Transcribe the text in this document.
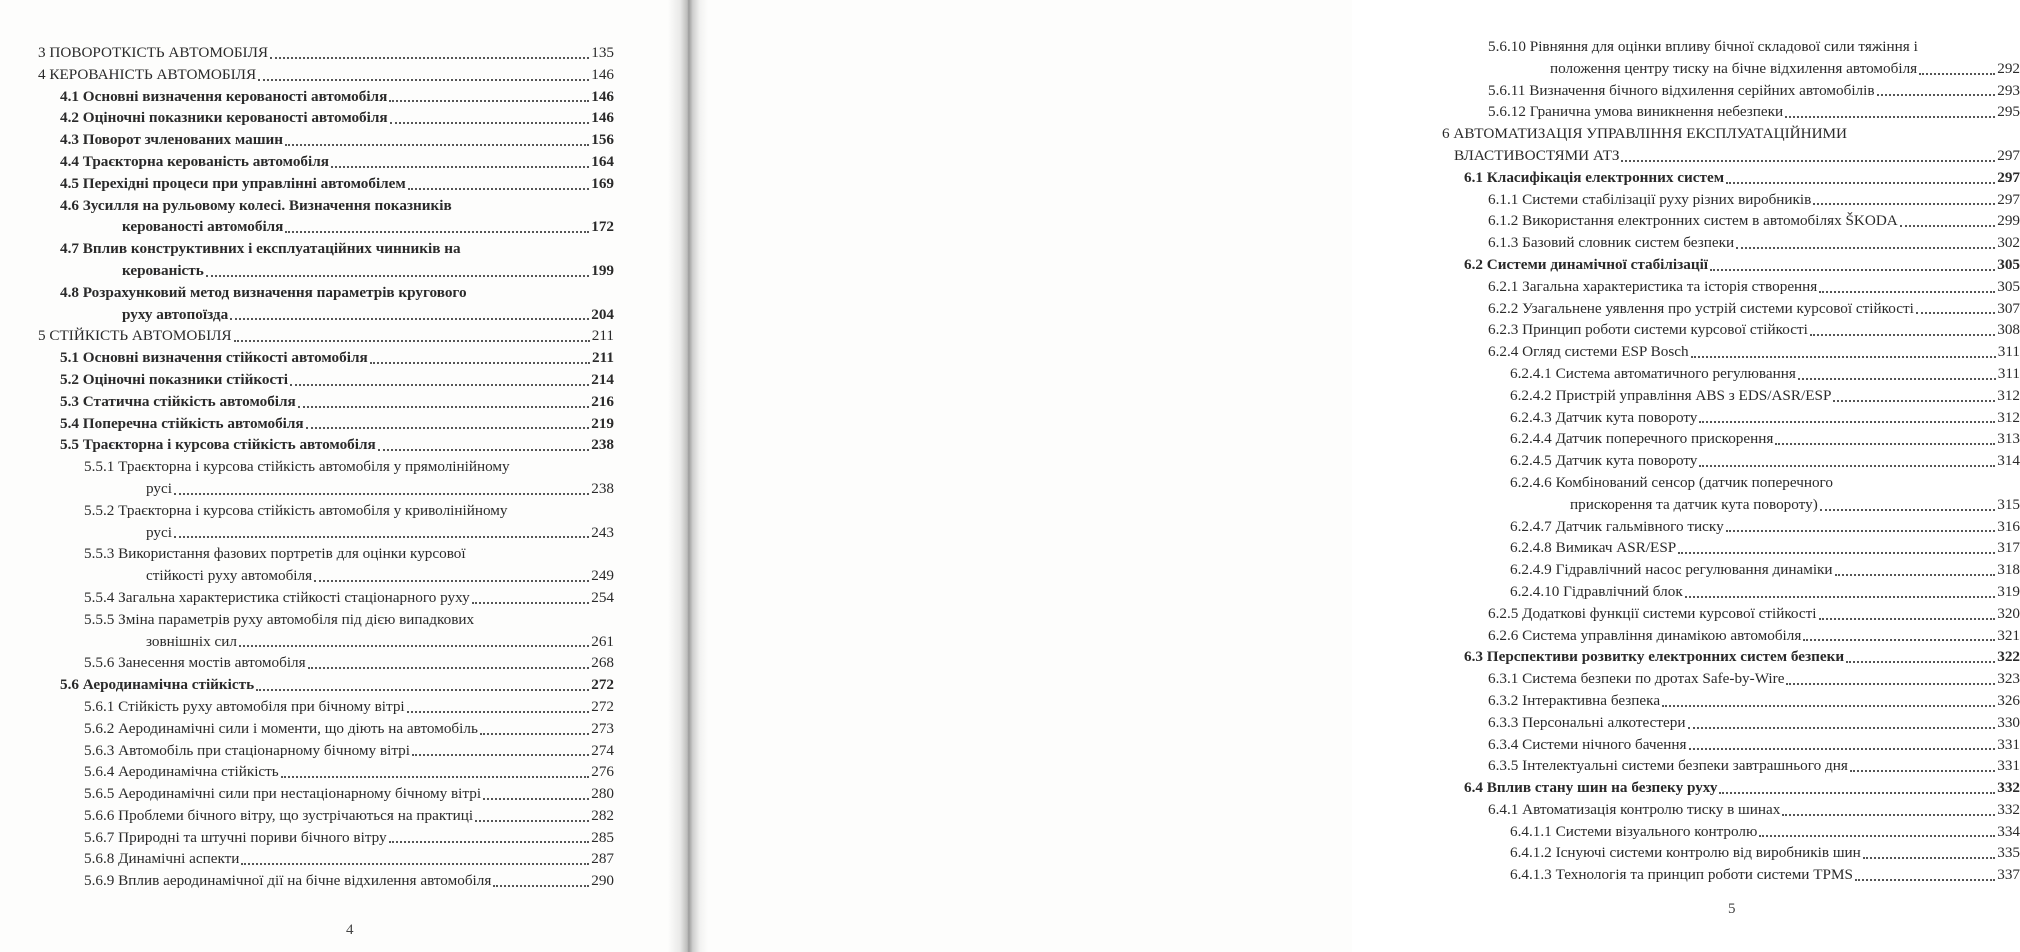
3 ПОВОРОТКІСТЬ АВТОМОБІЛЯ	135
4 КЕРОВАНІСТЬ АВТОМОБІЛЯ	146
4.1 Основні визначення керованості автомобіля	146
4.2 Оціночні показники керованості автомобіля	146
4.3 Поворот зчленованих машин	156
4.4 Траєкторна керованість автомобіля	164
4.5 Перехідні процеси при управлінні автомобілем	169
4.6 Зусилля на рульовому колесі. Визначення показників
керованості автомобіля	172
4.7 Вплив конструктивних і експлуатаційних чинників на
керованість	199
4.8 Розрахунковий метод визначення параметрів кругового
руху автопоїзда	204
5 СТІЙКІСТЬ АВТОМОБІЛЯ	211
5.1 Основні визначення стійкості автомобіля	211
5.2 Оціночні показники стійкості	214
5.3 Статична стійкість автомобіля	216
5.4 Поперечна стійкість автомобіля	219
5.5 Траєкторна і курсова стійкість автомобіля	238
5.5.1 Траєкторна і курсова стійкість автомобіля у прямолінійному
русі	238
5.5.2 Траєкторна і курсова стійкість автомобіля у криволінійному
русі	243
5.5.3 Використання фазових портретів для оцінки курсової
стійкості руху автомобіля	249
5.5.4 Загальна характеристика стійкості стаціонарного руху	254
5.5.5 Зміна параметрів руху автомобіля під дією випадкових
зовнішніх сил	261
5.5.6 Занесення мостів автомобіля	268
5.6 Аеродинамічна стійкість	272
5.6.1 Стійкість руху автомобіля при бічному вітрі	272
5.6.2 Аеродинамічні сили і моменти, що діють на автомобіль	273
5.6.3 Автомобіль при стаціонарному бічному вітрі	274
5.6.4 Аеродинамічна стійкість	276
5.6.5 Аеродинамічні сили при нестаціонарному бічному вітрі	280
5.6.6 Проблеми бічного вітру, що зустрічаються на практиці	282
5.6.7 Природні та штучні пориви бічного вітру	285
5.6.8 Динамічні аспекти	287
5.6.9 Вплив аеродинамічної дії на бічне відхилення автомобіля	290
4
5.6.10 Рівняння для оцінки впливу бічної складової сили тяжіння і
положення центру тиску на бічне відхилення автомобіля	292
5.6.11 Визначення бічного відхилення серійних автомобілів	293
5.6.12 Гранична умова виникнення небезпеки	295
6 АВТОМАТИЗАЦІЯ УПРАВЛІННЯ ЕКСПЛУАТАЦІЙНИМИ
ВЛАСТИВОСТЯМИ АТЗ	297
6.1 Класифікація електронних систем	297
6.1.1 Системи стабілізації руху різних виробників	297
6.1.2 Використання електронних систем в автомобілях ŠKODA	299
6.1.3 Базовий словник систем безпеки	302
6.2 Системи динамічної стабілізації	305
6.2.1 Загальна характеристика та історія створення	305
6.2.2 Узагальнене уявлення про устрій системи курсової стійкості	307
6.2.3 Принцип роботи системи курсової стійкості	308
6.2.4 Огляд системи ESP Bosch	311
6.2.4.1 Система автоматичного регулювання	311
6.2.4.2 Пристрій управління ABS з EDS/ASR/ESP	312
6.2.4.3 Датчик кута повороту	312
6.2.4.4 Датчик поперечного прискорення	313
6.2.4.5 Датчик кута повороту	314
6.2.4.6 Комбінований сенсор (датчик поперечного
прискорення та датчик кута повороту)	315
6.2.4.7 Датчик гальмівного тиску	316
6.2.4.8 Вимикач ASR/ESP	317
6.2.4.9 Гідравлічний насос регулювання динаміки	318
6.2.4.10 Гідравлічний блок	319
6.2.5 Додаткові функції системи курсової стійкості	320
6.2.6 Система управління динамікою автомобіля	321
6.3 Перспективи розвитку електронних систем безпеки	322
6.3.1 Система безпеки по дротах Safe-by-Wire	323
6.3.2 Інтерактивна безпека	326
6.3.3 Персональні алкотестери	330
6.3.4 Системи нічного бачення	331
6.3.5 Інтелектуальні системи безпеки завтрашнього дня	331
6.4 Вплив стану шин на безпеку руху	332
6.4.1 Автоматизація контролю тиску в шинах	332
6.4.1.1 Системи візуального контролю	334
6.4.1.2 Існуючі системи контролю від виробників шин	335
6.4.1.3 Технологія та принцип роботи системи TPMS	337
5
